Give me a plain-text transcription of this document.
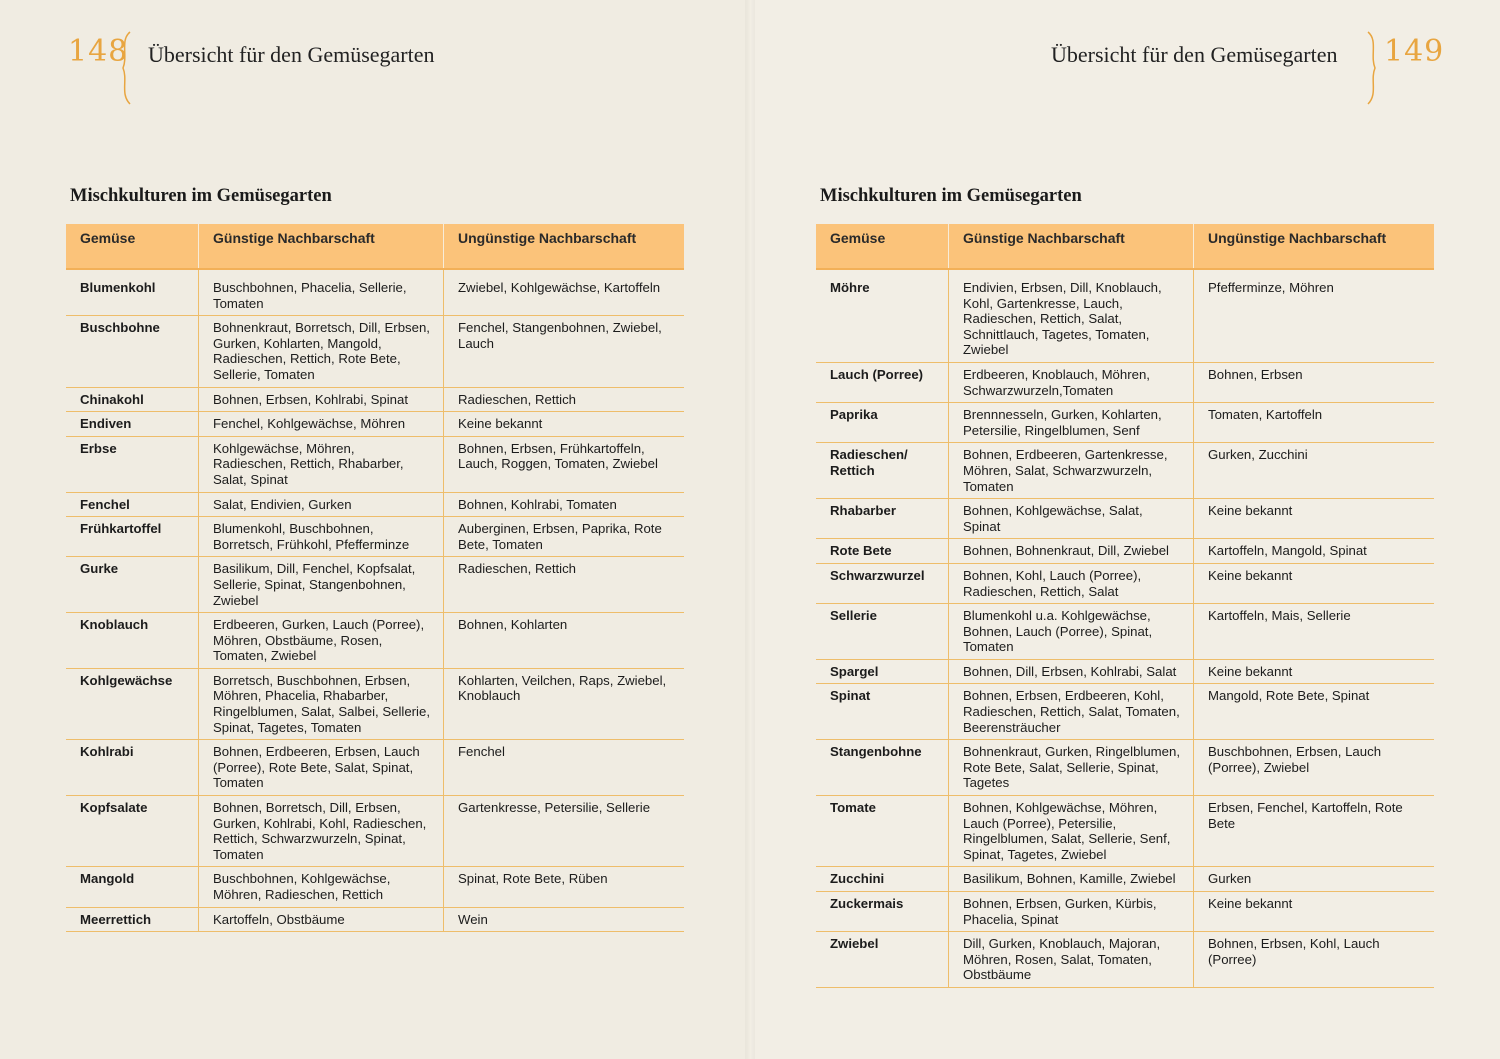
148 Übersicht für den Gemüsegarten	Übersicht für den Gemüsegarten 149
Mischkulturen im Gemüsegarten	Mischkulturen im Gemüsegarten
Gemüse	Günstige Nachbarschaft	Ungünstige Nachbarschaft

Blumenkohl	Buschbohnen, Phacelia, Sellerie, Tomaten	Zwiebel, Kohlgewächse, Kartoffeln
Buschbohne	Bohnenkraut, Borretsch, Dill, Erbsen, Gurken, Kohlarten, Mangold, Radieschen, Rettich, Rote Bete, Sellerie, Tomaten	Fenchel, Stangenbohnen, Zwiebel, Lauch
Chinakohl	Bohnen, Erbsen, Kohlrabi, Spinat	Radieschen, Rettich
Endiven	Fenchel, Kohlgewächse, Möhren	Keine bekannt
Erbse	Kohlgewächse, Möhren, Radieschen, Rettich, Rhabarber, Salat, Spinat	Bohnen, Erbsen, Frühkartoffeln, Lauch, Roggen, Tomaten, Zwiebel
Fenchel	Salat, Endivien, Gurken	Bohnen, Kohlrabi, Tomaten
Frühkartoffel	Blumenkohl, Buschbohnen, Borretsch, Frühkohl, Pfefferminze	Auberginen, Erbsen, Paprika, Rote Bete, Tomaten
Gurke	Basilikum, Dill, Fenchel, Kopfsalat, Sellerie, Spinat, Stangenbohnen, Zwiebel	Radieschen, Rettich
Knoblauch	Erdbeeren, Gurken, Lauch (Porree), Möhren, Obstbäume, Rosen, Tomaten, Zwiebel	Bohnen, Kohlarten
Kohlgewächse	Borretsch, Buschbohnen, Erbsen, Möhren, Phacelia, Rhabarber, Ringelblumen, Salat, Salbei, Sellerie, Spinat, Tagetes, Tomaten	Kohlarten, Veilchen, Raps, Zwiebel, Knoblauch
Kohlrabi	Bohnen, Erdbeeren, Erbsen, Lauch (Porree), Rote Bete, Salat, Spinat, Tomaten	Fenchel
Kopfsalate	Bohnen, Borretsch, Dill, Erbsen, Gurken, Kohlrabi, Kohl, Radieschen, Rettich, Schwarzwurzeln, Spinat, Tomaten	Gartenkresse, Petersilie, Sellerie
Mangold	Buschbohnen, Kohlgewächse, Möhren, Radieschen, Rettich	Spinat, Rote Bete, Rüben
Meerrettich	Kartoffeln, Obstbäume	Wein
Gemüse	Günstige Nachbarschaft	Ungünstige Nachbarschaft

Möhre	Endivien, Erbsen, Dill, Knoblauch, Kohl, Gartenkresse, Lauch, Radieschen, Rettich, Salat, Schnittlauch, Tagetes, Tomaten, Zwiebel	Pfefferminze, Möhren
Lauch (Porree)	Erdbeeren, Knoblauch, Möhren, Schwarzwurzeln,Tomaten	Bohnen, Erbsen
Paprika	Brennnesseln, Gurken, Kohlarten, Petersilie, Ringelblumen, Senf	Tomaten, Kartoffeln
Radieschen/ Rettich	Bohnen, Erdbeeren, Gartenkresse, Möhren, Salat, Schwarzwurzeln, Tomaten	Gurken, Zucchini
Rhabarber	Bohnen, Kohlgewächse, Salat, Spinat	Keine bekannt
Rote Bete	Bohnen, Bohnenkraut, Dill, Zwiebel	Kartoffeln, Mangold, Spinat
Schwarzwurzel	Bohnen, Kohl, Lauch (Porree), Radieschen, Rettich, Salat	Keine bekannt
Sellerie	Blumenkohl u.a. Kohlgewächse, Bohnen, Lauch (Porree), Spinat, Tomaten	Kartoffeln, Mais, Sellerie
Spargel	Bohnen, Dill, Erbsen, Kohlrabi, Salat	Keine bekannt
Spinat	Bohnen, Erbsen, Erdbeeren, Kohl, Radieschen, Rettich, Salat, Tomaten, Beerensträucher	Mangold, Rote Bete, Spinat
Stangenbohne	Bohnenkraut, Gurken, Ringelblumen, Rote Bete, Salat, Sellerie, Spinat, Tagetes	Buschbohnen, Erbsen, Lauch (Porree), Zwiebel
Tomate	Bohnen, Kohlgewächse, Möhren, Lauch (Porree), Petersilie, Ringelblumen, Salat, Sellerie, Senf, Spinat, Tagetes, Zwiebel	Erbsen, Fenchel, Kartoffeln, Rote Bete
Zucchini	Basilikum, Bohnen, Kamille, Zwiebel	Gurken
Zuckermais	Bohnen, Erbsen, Gurken, Kürbis, Phacelia, Spinat	Keine bekannt
Zwiebel	Dill, Gurken, Knoblauch, Majoran, Möhren, Rosen, Salat, Tomaten, Obstbäume	Bohnen, Erbsen, Kohl, Lauch (Porree)
